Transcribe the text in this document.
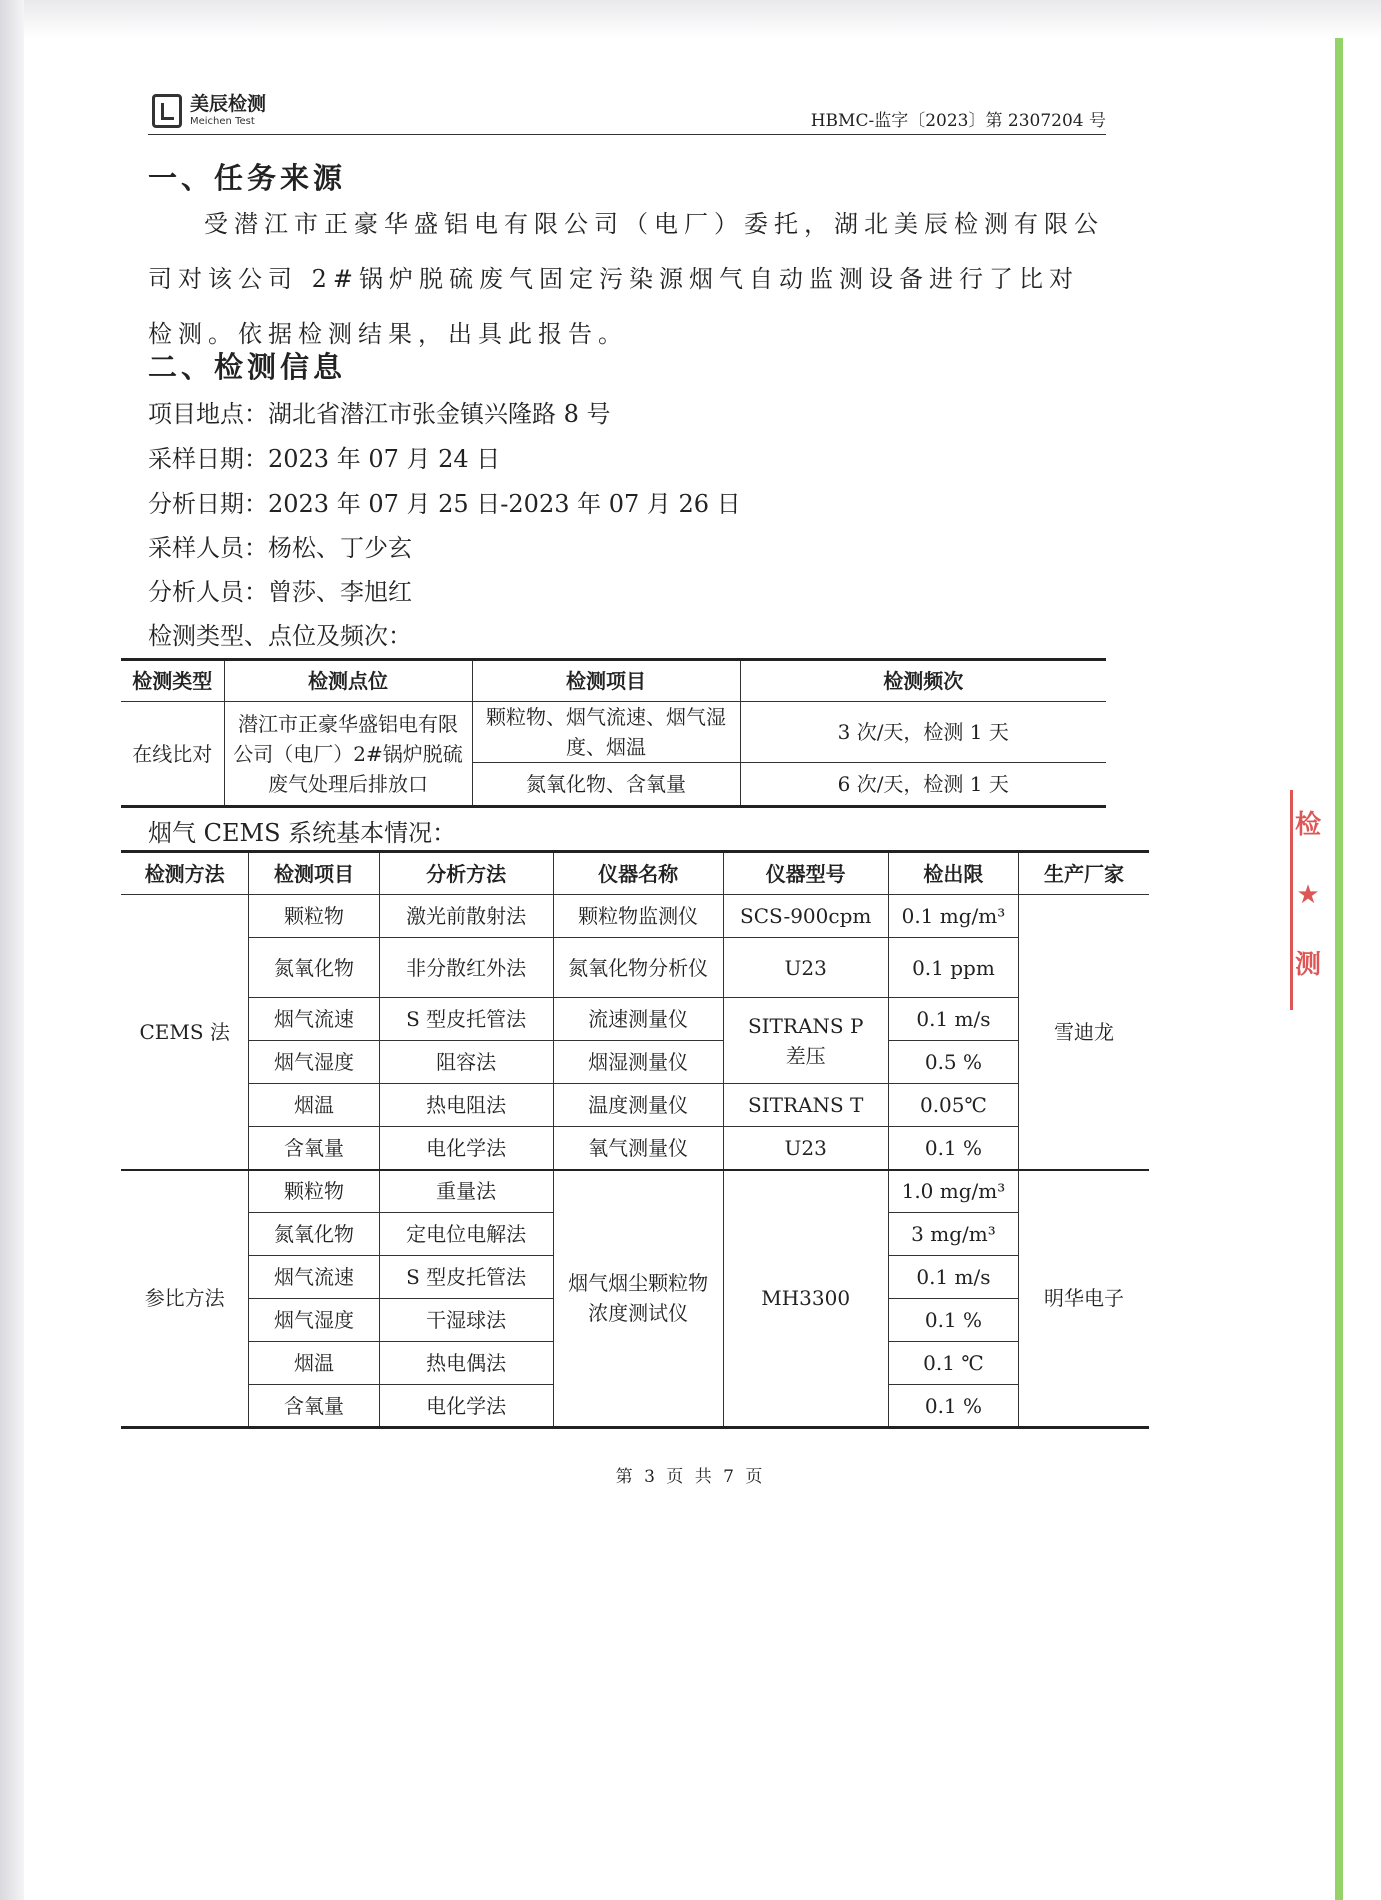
美辰检测
Meichen Test	HBMC-监字〔2023〕第 2307204 号
一、任务来源
受潜江市正豪华盛铝电有限公司（电厂）委托，湖北美辰检测有限公司对该公司 2#锅炉脱硫废气固定污染源烟气自动监测设备进行了比对检测。依据检测结果，出具此报告。
二、检测信息
项目地点：湖北省潜江市张金镇兴隆路 8 号
采样日期：2023 年 07 月 24 日
分析日期：2023 年 07 月 25 日-2023 年 07 月 26 日
采样人员：杨松、丁少玄
分析人员：曾莎、李旭红
检测类型、点位及频次：
检测类型	检测点位	检测项目	检测频次
在线比对	潜江市正豪华盛铝电有限公司（电厂）2#锅炉脱硫废气处理后排放口	颗粒物、烟气流速、烟气湿度、烟温	3 次/天，检测 1 天
		氮氧化物、含氧量	6 次/天，检测 1 天
烟气 CEMS 系统基本情况：
检测方法	检测项目	分析方法	仪器名称	仪器型号	检出限	生产厂家
CEMS 法	颗粒物	激光前散射法	颗粒物监测仪	SCS-900cpm	0.1 mg/m³	雪迪龙
	氮氧化物	非分散红外法	氮氧化物分析仪	U23	0.1 ppm	
	烟气流速	S 型皮托管法	流速测量仪	SITRANS P 差压	0.1 m/s	
	烟气湿度	阻容法	烟湿测量仪		0.5 %	
	烟温	热电阻法	温度测量仪	SITRANS T	0.05℃	
	含氧量	电化学法	氧气测量仪	U23	0.1 %	
参比方法	颗粒物	重量法	烟气烟尘颗粒物浓度测试仪	MH3300	1.0 mg/m³	明华电子
	氮氧化物	定电位电解法			3 mg/m³	
	烟气流速	S 型皮托管法			0.1 m/s	
	烟气湿度	干湿球法			0.1 %	
	烟温	热电偶法			0.1 ℃	
	含氧量	电化学法			0.1 %	
第 3 页 共 7 页
检
★
测
